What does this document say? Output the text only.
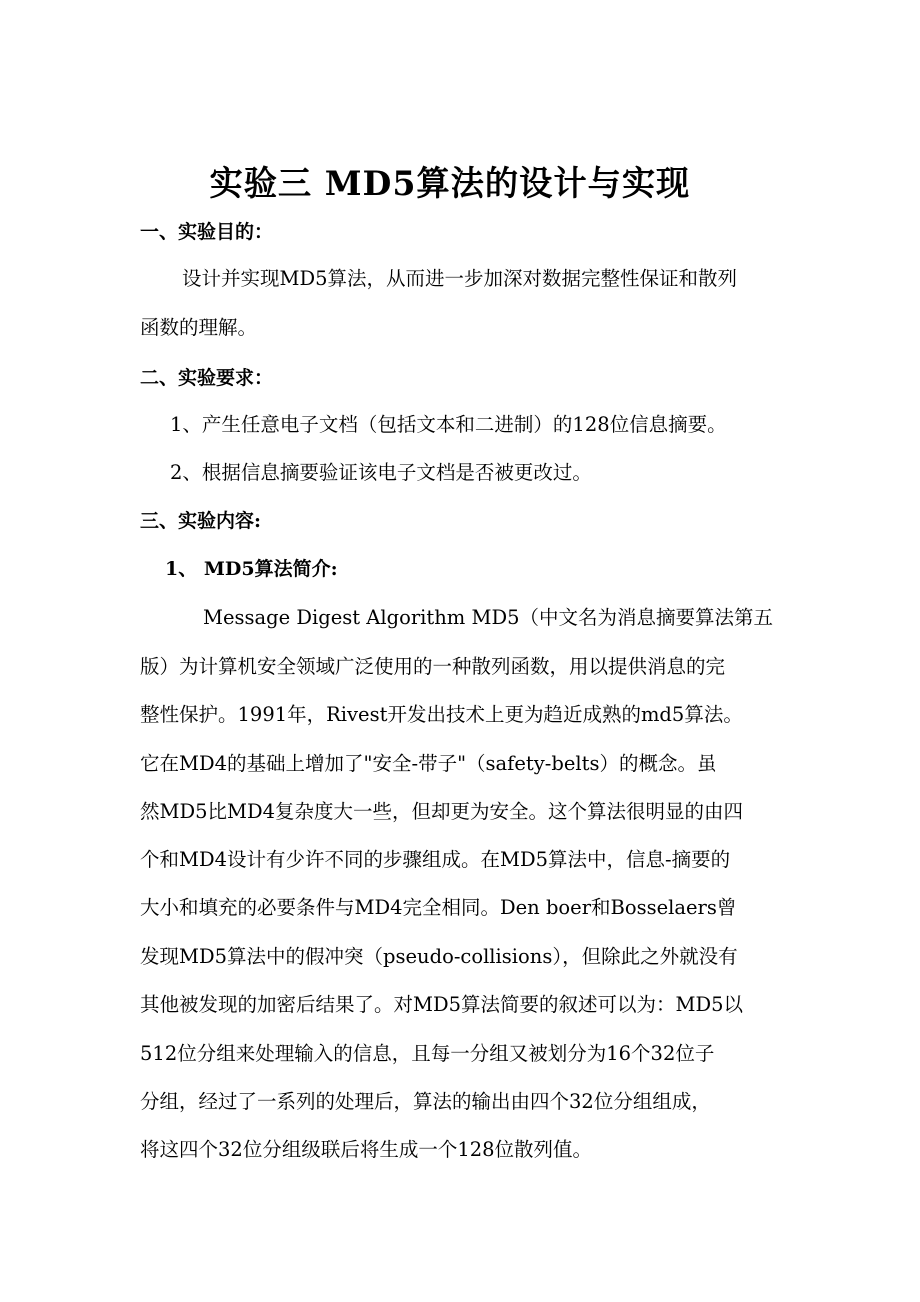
实验三 MD5算法的设计与实现
一、实验目的：
设计并实现MD5算法，从而进一步加深对数据完整性保证和散列
函数的理解。
二、实验要求：
1、产生任意电子文档（包括文本和二进制）的128位信息摘要。
2、根据信息摘要验证该电子文档是否被更改过。
三、实验内容:
1、 MD5算法简介:
Message Digest Algorithm MD5（中文名为消息摘要算法第五
版）为计算机安全领域广泛使用的一种散列函数，用以提供消息的完
整性保护。1991年，Rivest开发出技术上更为趋近成熟的md5算法。
它在MD4的基础上增加了"安全-带子"（safety-belts）的概念。虽
然MD5比MD4复杂度大一些，但却更为安全。这个算法很明显的由四
个和MD4设计有少许不同的步骤组成。在MD5算法中，信息-摘要的
大小和填充的必要条件与MD4完全相同。Den boer和Bosselaers曾
发现MD5算法中的假冲突（pseudo-collisions），但除此之外就没有
其他被发现的加密后结果了。对MD5算法简要的叙述可以为：MD5以
512位分组来处理输入的信息，且每一分组又被划分为16个32位子
分组，经过了一系列的处理后，算法的输出由四个32位分组组成，
将这四个32位分组级联后将生成一个128位散列值。
